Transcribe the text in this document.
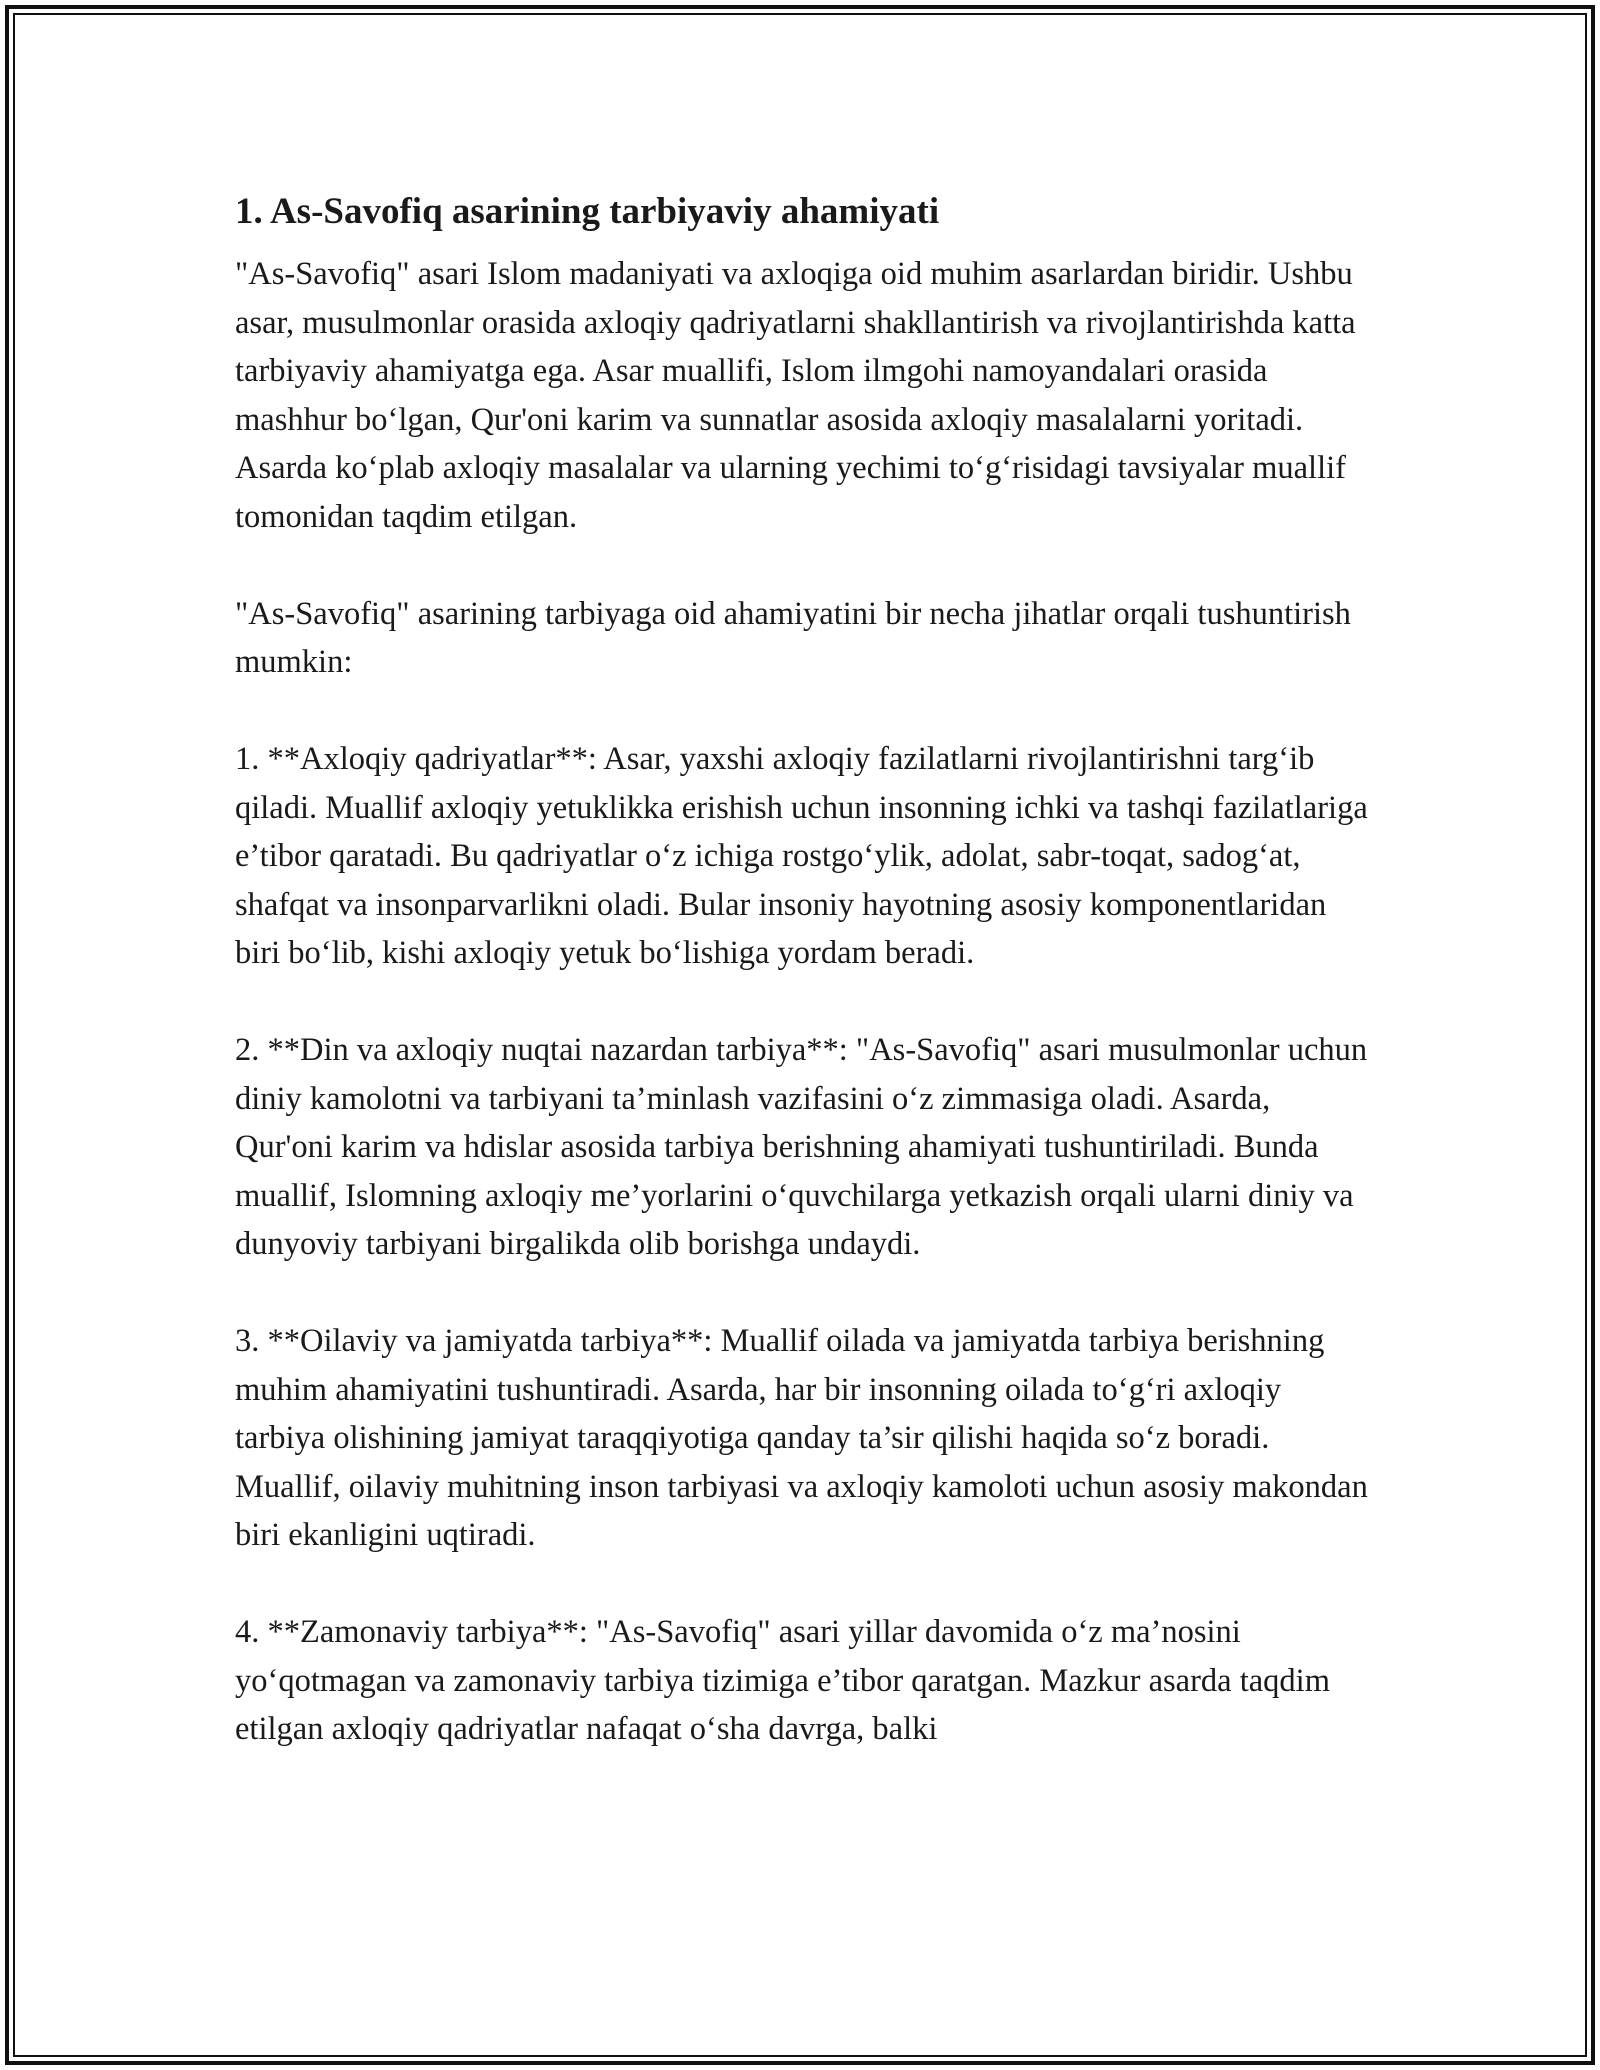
1. As-Savofiq asarining tarbiyaviy ahamiyati

"As-Savofiq" asari Islom madaniyati va axloqiga oid muhim asarlardan biridir. Ushbu asar, musulmonlar orasida axloqiy qadriyatlarni shakllantirish va rivojlantirishda katta tarbiyaviy ahamiyatga ega. Asar muallifi, Islom ilmgohi namoyandalari orasida mashhur bo‘lgan, Qur'oni karim va sunnatlar asosida axloqiy masalalarni yoritadi. Asarda ko‘plab axloqiy masalalar va ularning yechimi to‘g‘risidagi tavsiyalar muallif tomonidan taqdim etilgan.

"As-Savofiq" asarining tarbiyaga oid ahamiyatini bir necha jihatlar orqali tushuntirish mumkin:

1. **Axloqiy qadriyatlar**: Asar, yaxshi axloqiy fazilatlarni rivojlantirishni targ‘ib qiladi. Muallif axloqiy yetuklikka erishish uchun insonning ichki va tashqi fazilatlariga e’tibor qaratadi. Bu qadriyatlar o‘z ichiga rostgo‘ylik, adolat, sabr-toqat, sadog‘at, shafqat va insonparvarlikni oladi. Bular insoniy hayotning asosiy komponentlaridan biri bo‘lib, kishi axloqiy yetuk bo‘lishiga yordam beradi.

2. **Din va axloqiy nuqtai nazardan tarbiya**: "As-Savofiq" asari musulmonlar uchun diniy kamolotni va tarbiyani ta’minlash vazifasini o‘z zimmasiga oladi. Asarda, Qur'oni karim va hdislar asosida tarbiya berishning ahamiyati tushuntiriladi. Bunda muallif, Islomning axloqiy me’yorlarini o‘quvchilarga yetkazish orqali ularni diniy va dunyoviy tarbiyani birgalikda olib borishga undaydi.

3. **Oilaviy va jamiyatda tarbiya**: Muallif oilada va jamiyatda tarbiya berishning muhim ahamiyatini tushuntiradi. Asarda, har bir insonning oilada to‘g‘ri axloqiy tarbiya olishining jamiyat taraqqiyotiga qanday ta’sir qilishi haqida so‘z boradi. Muallif, oilaviy muhitning inson tarbiyasi va axloqiy kamoloti uchun asosiy makondan biri ekanligini uqtiradi.

4. **Zamonaviy tarbiya**: "As-Savofiq" asari yillar davomida o‘z ma’nosini yo‘qotmagan va zamonaviy tarbiya tizimiga e’tibor qaratgan. Mazkur asarda taqdim etilgan axloqiy qadriyatlar nafaqat o‘sha davrga, balki
